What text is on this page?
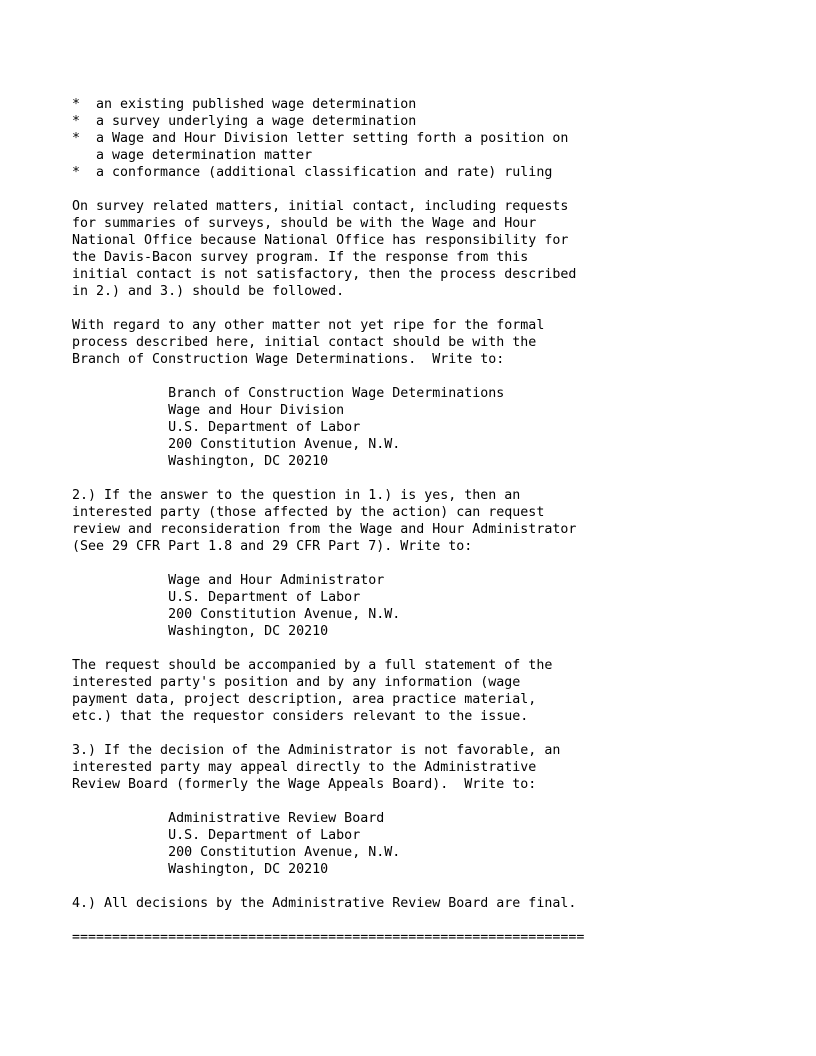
*  an existing published wage determination
*  a survey underlying a wage determination
*  a Wage and Hour Division letter setting forth a position on
a wage determination matter
*  a conformance (additional classification and rate) ruling
On survey related matters, initial contact, including requests
for summaries of surveys, should be with the Wage and Hour
National Office because National Office has responsibility for
the Davis-Bacon survey program. If the response from this
initial contact is not satisfactory, then the process described
in 2.) and 3.) should be followed.
With regard to any other matter not yet ripe for the formal
process described here, initial contact should be with the
Branch of Construction Wage Determinations.  Write to:
Branch of Construction Wage Determinations
Wage and Hour Division
U.S. Department of Labor
200 Constitution Avenue, N.W.
Washington, DC 20210
2.) If the answer to the question in 1.) is yes, then an
interested party (those affected by the action) can request
review and reconsideration from the Wage and Hour Administrator
(See 29 CFR Part 1.8 and 29 CFR Part 7). Write to:
Wage and Hour Administrator
U.S. Department of Labor
200 Constitution Avenue, N.W.
Washington, DC 20210
The request should be accompanied by a full statement of the
interested party's position and by any information (wage
payment data, project description, area practice material,
etc.) that the requestor considers relevant to the issue.
3.) If the decision of the Administrator is not favorable, an
interested party may appeal directly to the Administrative
Review Board (formerly the Wage Appeals Board).  Write to:
Administrative Review Board
U.S. Department of Labor
200 Constitution Avenue, N.W.
Washington, DC 20210
4.) All decisions by the Administrative Review Board are final.
================================================================
